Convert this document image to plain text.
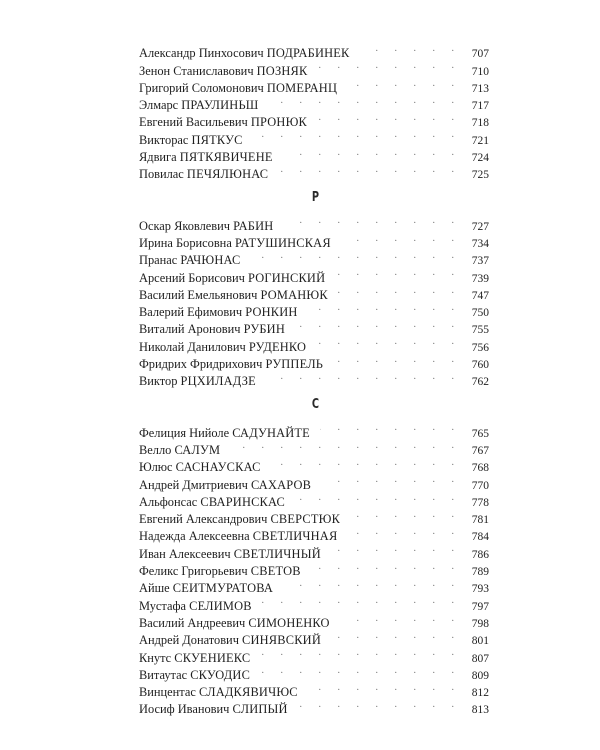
Александр Пинхосович ПОДРАБИНЕК . . .	707
Зенон Станиславович ПОЗНЯК . . .	710
Григорий Соломонович ПОМЕРАНЦ . . .	713
Элмарс ПРАУЛИНЬШ . . .	717
Евгений Васильевич ПРОНЮК . . .	718
Викторас ПЯТКУС . . .	721
Ядвига ПЯТКЯВИЧЕНЕ . . .	724
Повилас ПЕЧЯЛЮНАС . . .	725
Р
Оскар Яковлевич РАБИН . . .	727
Ирина Борисовна РАТУШИНСКАЯ . . .	734
Пранас РАЧЮНАС . . .	737
Арсений Борисович РОГИНСКИЙ . . .	739
Василий Емельянович РОМАНЮК . . .	747
Валерий Ефимович РОНКИН . . .	750
Виталий Аронович РУБИН . . .	755
Николай Данилович РУДЕНКО . . .	756
Фридрих Фридрихович РУППЕЛЬ . . .	760
Виктор РЦХИЛАДЗЕ . . .	762
С
Фелиция Нийоле САДУНАЙТЕ . . .	765
Велло САЛУМ . . .	767
Юлюс САСНАУСКАС . . .	768
Андрей Дмитриевич САХАРОВ . . .	770
Альфонсас СВАРИНСКАС . . .	778
Евгений Александрович СВЕРСТЮК . . .	781
Надежда Алексеевна СВЕТЛИЧНАЯ . . .	784
Иван Алексеевич СВЕТЛИЧНЫЙ . . .	786
Феликс Григорьевич СВЕТОВ . . .	789
Айше СЕИТМУРАТОВА . . .	793
Мустафа СЕЛИМОВ . . .	797
Василий Андреевич СИМОНЕНКО . . .	798
Андрей Донатович СИНЯВСКИЙ . . .	801
Кнутс СКУЕНИЕКС . . .	807
Витаутас СКУОДИС . . .	809
Винцентас СЛАДКЯВИЧЮС . . .	812
Иосиф Иванович СЛИПЫЙ . . .	813
